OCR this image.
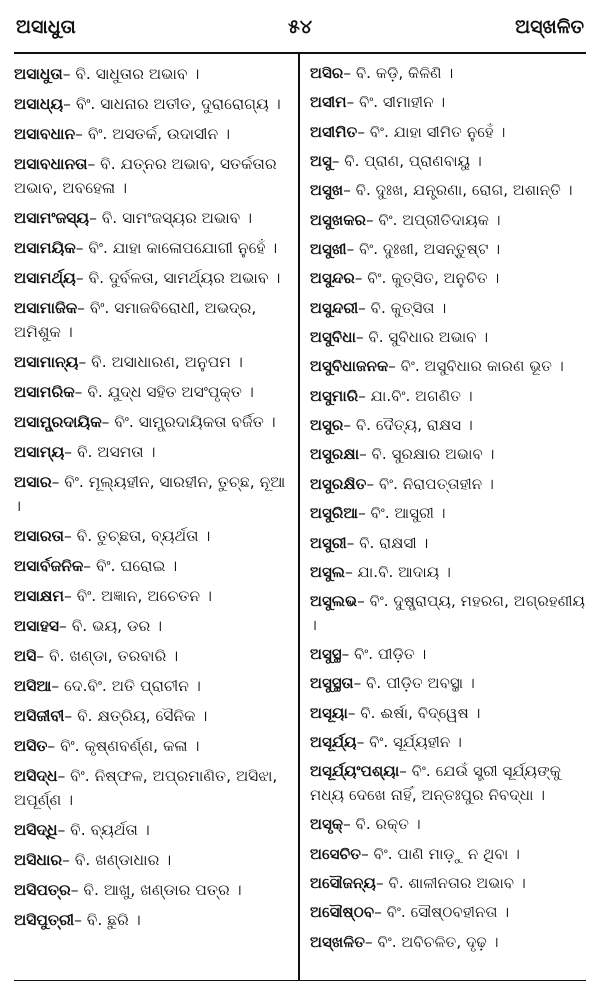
୫୪
ଅସାଧୁତା	ଅସ୍ଖଳିତ
ଅସାଧୁତା– ବି. ସାଧୁତାର ଅଭାବ ।
ଅସାଧ୍ୟ– ବିଂ. ସାଧନାର ଅତୀତ, ଦୁରାରୋଗ୍ୟ ।
ଅସାବଧାନ– ବିଂ. ଅସତର୍କ, ଉଦାସୀନ ।
ଅସାବଧାନତା– ବି. ଯତ୍ନର ଅଭାବ, ସତର୍କତାର ଅଭାବ, ଅବହେଳା ।
ଅସାମଂଜସ୍ୟ– ବି. ସାମଂଜସ୍ୟର ଅଭାବ ।
ଅସାମୟିକ– ବିଂ. ଯାହା କାଳୋପଯୋଗୀ ନୁହେଁ ।
ଅସାମର୍ଥ୍ୟ– ବି. ଦୁର୍ବଳତା, ସାମର୍ଥ୍ୟର ଅଭାବ ।
ଅସାମାଜିକ– ବିଂ. ସମାଜବିରୋଧୀ, ଅଭଦ୍ର, ଅମିଶୁକ ।
ଅସାମାନ୍ୟ– ବି. ଅସାଧାରଣ, ଅନୁପମ ।
ଅସାମରିକ– ବି. ଯୁଦ୍ଧ ସହିତ ଅସଂପୃକ୍ତ ।
ଅସାମ୍ପ୍ରଦାୟିକ– ବିଂ. ସାମ୍ପ୍ରଦାୟିକତା ବର୍ଜିତ ।
ଅସାମ୍ୟ– ବି. ଅସମତା ।
ଅସାର– ବିଂ. ମୂଲ୍ୟହୀନ, ସାରହୀନ, ତୁଚ୍ଛ, ନୂଆ ।
ଅସାରତା– ବି. ତୁଚ୍ଛତା, ବ୍ୟର୍ଥତା ।
ଅସାର୍ବଜନିକ– ବିଂ. ଘରୋଇ ।
ଅସାକ୍ଷମ– ବିଂ. ଅଜ୍ଞାନ, ଅଚେତନ ।
ଅସାହସ– ବି. ଭୟ, ଡର ।
ଅସି– ବି. ଖଣ୍ଡା, ତରବାରି ।
ଅସିଆ– ଦେ.ବିଂ. ଅତି ପ୍ରାଚୀନ ।
ଅସିଜୀବୀ– ବି. କ୍ଷତ୍ରିୟ, ସୈନିକ ।
ଅସିତ– ବିଂ. କୃଷ୍ଣବର୍ଣ୍ଣ, କଳା ।
ଅସିଦ୍ଧ– ବିଂ. ନିଷ୍ଫଳ, ଅପ୍ରମାଣିତ, ଅସିଝା, ଅପୂର୍ଣ୍ଣ ।
ଅସିଦ୍ଧି– ବି. ବ୍ୟର୍ଥତା ।
ଅସିଧାର– ବି. ଖଣ୍ଡାଧାର ।
ଅସିପତ୍ର– ବି. ଆଖୁ, ଖଣ୍ଡାର ପତ୍ର ।
ଅସିପୁତ୍ରୀ– ବି. ଛୁରି ।
ଅସିର– ବି. କଡ଼ି, କିଳିଣି ।
ଅସୀମ– ବିଂ. ସୀମାହୀନ ।
ଅସୀମିତ– ବିଂ. ଯାହା ସୀମିତ ନୁହେଁ ।
ଅସୁ– ବି. ପ୍ରାଣ, ପ୍ରାଣବାୟୁ ।
ଅସୁଖ– ବି. ଦୁଃଖ, ଯନ୍ତ୍ରଣା, ରୋଗ, ଅଶାନ୍ତି ।
ଅସୁଖକର– ବିଂ. ଅପ୍ରୀତିଦାୟକ ।
ଅସୁଖୀ– ବିଂ. ଦୁଃଖୀ, ଅସନ୍ତୁଷ୍ଟ ।
ଅସୁନ୍ଦର– ବିଂ. କୁତ୍ସିତ, ଅନୁଚିତ ।
ଅସୁନ୍ଦରୀ– ବି. କୁତ୍ସିତା ।
ଅସୁବିଧା– ବି. ସୁବିଧାର ଅଭାବ ।
ଅସୁବିଧାଜନକ– ବିଂ. ଅସୁବିଧାର କାରଣ ଭୂତ ।
ଅସୁମାରି– ଯା.ବିଂ. ଅଗଣିତ ।
ଅସୁର– ବି. ଦୈତ୍ୟ, ରାକ୍ଷସ ।
ଅସୁରକ୍ଷା– ବି. ସୁରକ୍ଷାର ଅଭାବ ।
ଅସୁରକ୍ଷିତ– ବିଂ. ନିରାପତ୍ତାହୀନ ।
ଅସୁରିଆ– ବିଂ. ଆସୁରୀ ।
ଅସୁରୀ– ବି. ରାକ୍ଷସୀ ।
ଅସୁଲ– ଯା.ବି. ଆଦାୟ ।
ଅସୁଲଭ– ବିଂ. ଦୁଷ୍ପ୍ରାପ୍ୟ, ମହରଗ, ଅଗ୍ରହଣୀୟ ।
ଅସୁସ୍ଥ– ବିଂ. ପୀଡ଼ିତ ।
ଅସୁସ୍ଥତା– ବି. ପୀଡ଼ିତ ଅବସ୍ଥା ।
ଅସୂୟା– ବି. ଈର୍ଷା, ବିଦ୍ୱେଷ ।
ଅସୂର୍ଯ୍ୟ– ବିଂ. ସୂର୍ଯ୍ୟହୀନ ।
ଅସୂର୍ଯ୍ୟଂପଶ୍ୟା– ବିଂ. ଯେଉଁ ସ୍ତ୍ରୀ ସୂର୍ଯ୍ୟଙ୍କୁ ମଧ୍ୟ ଦେଖେ ନାହିଁ, ଅନ୍ତଃପୁର ନିବଦ୍ଧା ।
ଅସୃକ୍– ବି. ରକ୍ତ ।
ଅସେଚିତ– ବିଂ. ପାଣି ମାଡ଼ୁ ନ ଥିବା ।
ଅସୌଜନ୍ୟ– ବି. ଶାଳୀନତାର ଅଭାବ ।
ଅସୌଷ୍ଠବ– ବିଂ. ସୌଷ୍ଠବହୀନତା ।
ଅସ୍ଖଳିତ– ବିଂ. ଅବିଚଳିତ, ଦୃଢ଼ ।
